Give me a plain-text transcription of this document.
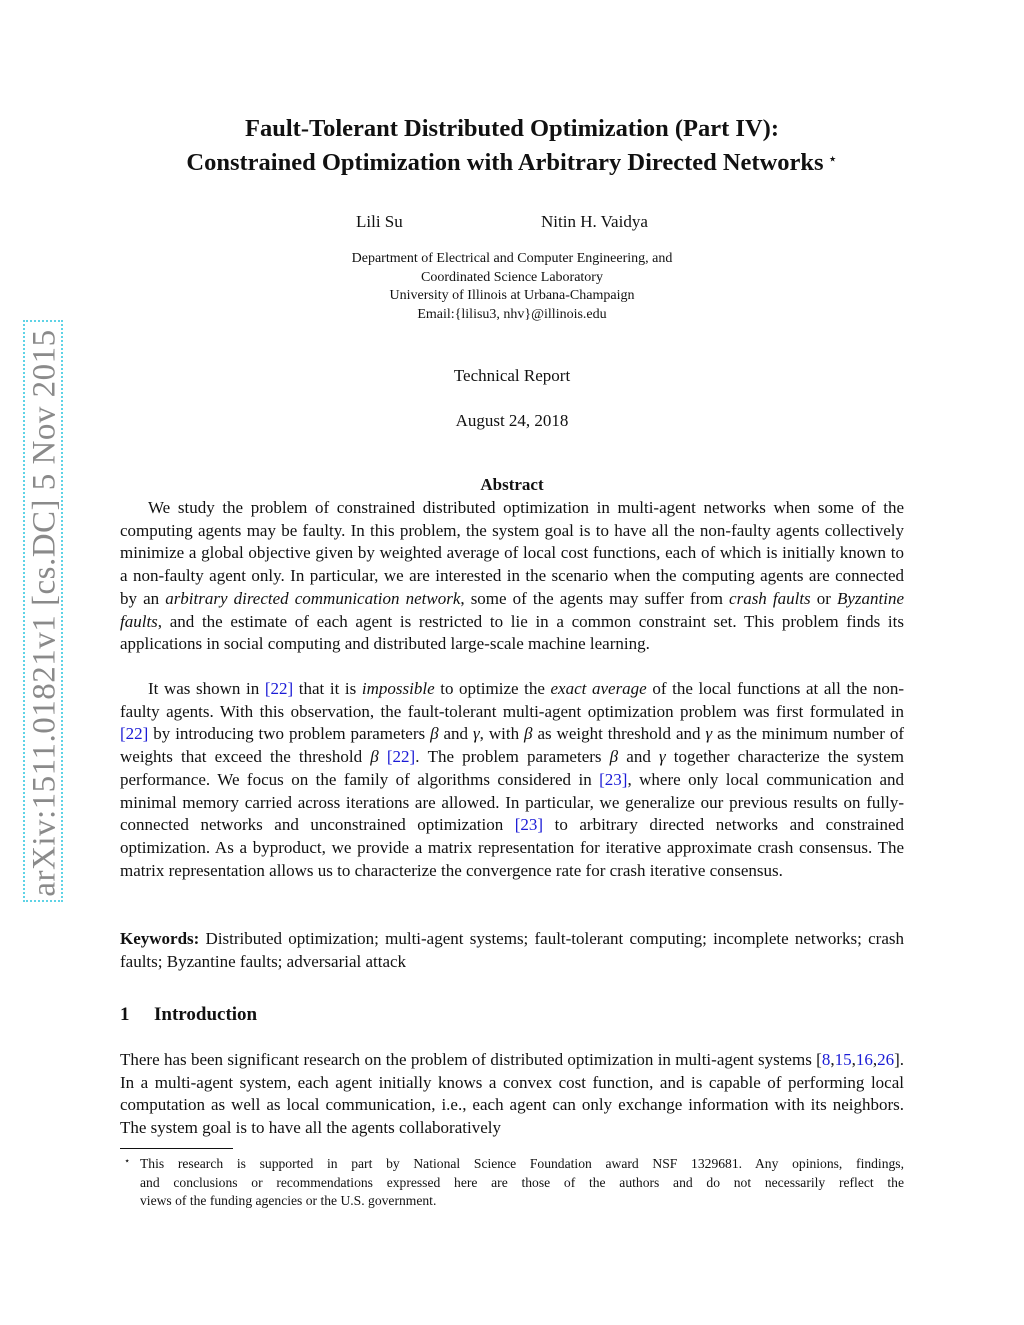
arXiv:1511.01821v1 [cs.DC] 5 Nov 2015
Fault-Tolerant Distributed Optimization (Part IV):
Constrained Optimization with Arbitrary Directed Networks ⋆
Lili Su	Nitin H. Vaidya
Department of Electrical and Computer Engineering, and
Coordinated Science Laboratory
University of Illinois at Urbana-Champaign
Email:{lilisu3, nhv}@illinois.edu
Technical Report
August 24, 2018
Abstract

We study the problem of constrained distributed optimization in multi-agent networks when some of the computing agents may be faulty. In this problem, the system goal is to have all the non-faulty agents collectively minimize a global objective given by weighted average of local cost functions, each of which is initially known to a non-faulty agent only. In particular, we are interested in the scenario when the computing agents are connected by an arbitrary directed communication network, some of the agents may suffer from crash faults or Byzantine faults, and the estimate of each agent is restricted to lie in a common constraint set. This problem finds its applications in social computing and distributed large-scale machine learning.

It was shown in [22] that it is impossible to optimize the exact average of the local functions at all the non-faulty agents. With this observation, the fault-tolerant multi-agent optimization problem was first formulated in [22] by introducing two problem parameters β and γ, with β as weight threshold and γ as the minimum number of weights that exceed the threshold β [22]. The problem parameters β and γ together characterize the system performance. We focus on the family of algorithms considered in [23], where only local communication and minimal memory carried across iterations are allowed. In particular, we generalize our previous results on fully-connected networks and unconstrained optimization [23] to arbitrary directed networks and constrained optimization. As a byproduct, we provide a matrix representation for iterative approximate crash consensus. The matrix representation allows us to characterize the convergence rate for crash iterative consensus.

Keywords: Distributed optimization; multi-agent systems; fault-tolerant computing; incomplete networks; crash faults; Byzantine faults; adversarial attack

1 Introduction

There has been significant research on the problem of distributed optimization in multi-agent systems [8,15,16,26]. In a multi-agent system, each agent initially knows a convex cost function, and is capable of performing local computation as well as local communication, i.e., each agent can only exchange information with its neighbors. The system goal is to have all the agents collaboratively

⋆ This research is supported in part by National Science Foundation award NSF 1329681. Any opinions, findings,
and conclusions or recommendations expressed here are those of the authors and do not necessarily reflect the
views of the funding agencies or the U.S. government.
